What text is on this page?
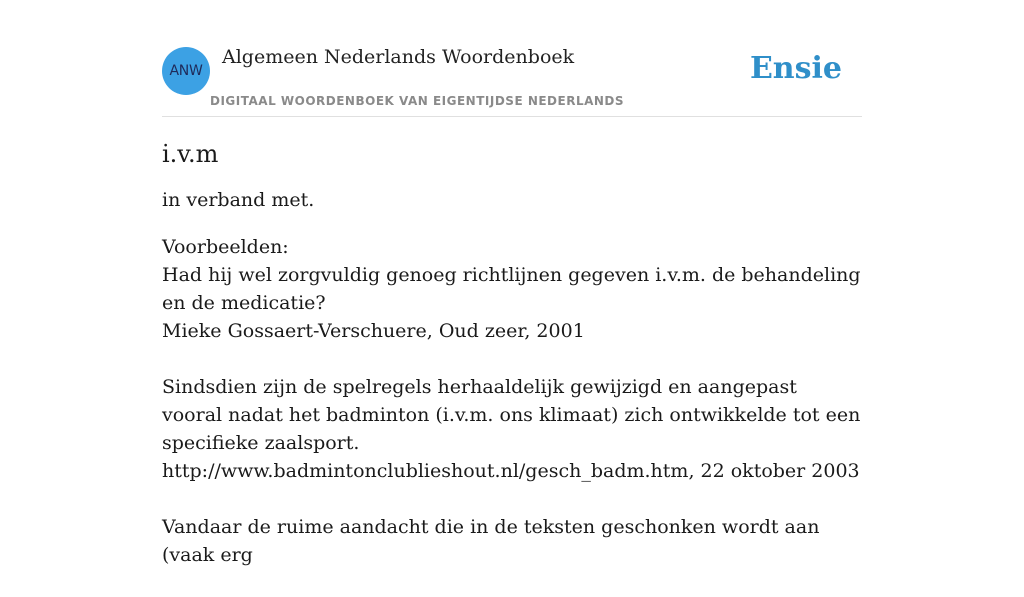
ANW
Algemeen Nederlands Woordenboek
DIGITAAL WOORDENBOEK VAN EIGENTIJDSE NEDERLANDS
Ensie
i.v.m
in verband met.
Voorbeelden:
Had hij wel zorgvuldig genoeg richtlijnen gegeven i.v.m. de behandeling en de medicatie?
Mieke Gossaert-Verschuere, Oud zeer, 2001
Sindsdien zijn de spelregels herhaaldelijk gewijzigd en aangepast vooral nadat het badminton (i.v.m. ons klimaat) zich ontwikkelde tot een specifieke zaalsport.
http://www.badmintonclublieshout.nl/gesch_badm.htm, 22 oktober 2003
Vandaar de ruime aandacht die in de teksten geschonken wordt aan (vaak erg
